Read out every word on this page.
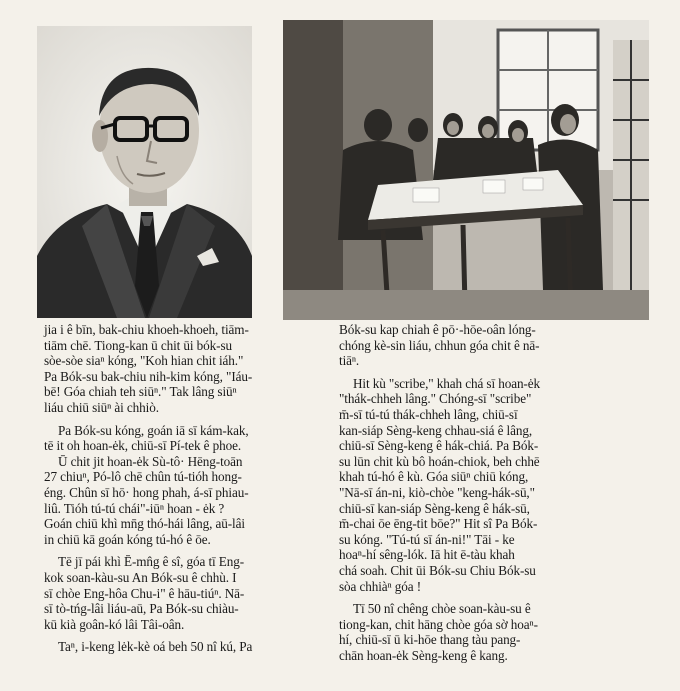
jia i ê bīn, bak-chiu khoeh-khoeh, tiām-
tiām chē. Tiong-kan ū chit ūi bók-su
sòe-sòe siaⁿ kóng, "Koh hian chit iáh."
Pa Bók-su bak-chiu nih-kim kóng, "Iáu-
bē! Góa chiah teh siūⁿ." Tak lâng siūⁿ
liáu chiū siūⁿ ài chhiò.

Pa Bók-su kóng, goán iā sī kám-kak,
tē it oh hoan-ėk, chiū-sī Pí-tek ê phoe.
Ū chit jit hoan-ėk Sù-tô· Hēng-toān
27 chiuⁿ, Pó-lô chē chûn tú-tióh hong-
éng. Chûn sī hō· hong phah, á-sī phiau-
liû. Tióh tú-tú chái"-iūⁿ hoan - ėk ?
Goán chiū khì mn̄g thó-hái lâng, aū-lâi
in chiū kā goán kóng tú-hó ê ōe.

Tē jī pái khì Ē-mn̂g ê sî, góa tī Eng-
kok soan-kàu-su An Bók-su ê chhù. I
sī chòe Eng-hôa Chu-i" ê hāu-tiúⁿ. Nā-
sī tò-tńg-lâi liáu-aū, Pa Bók-su chiàu-
kū kià goân-kó lâi Tâi-oân.

Taⁿ, i-keng lėk-kè oá beh 50 nî kú, Pa

Bók-su kap chiah ê pō·-hōe-oân lóng-
chóng kè-sin liáu, chhun góa chit ê nā-
tiāⁿ.

Hit kù "scribe," khah chá sī hoan-ėk
"thák-chheh lâng." Chóng-sī "scribe"
m̄-sī tú-tú thák-chheh lâng, chiū-sī
kan-siáp Sèng-keng chhau-siá ê lâng,
chiū-sī Sèng-keng ê hák-chiá. Pa Bók-
su lūn chit kù bô hoán-chiok, beh chhē
khah tú-hó ê kù. Góa siūⁿ chiū kóng,
"Nā-sī án-ni, kiò-chòe "keng-hák-sū,"
chiū-sī kan-siáp Sèng-keng ê hák-sū,
m̄-chai ōe ēng-tit bōe?" Hit sî Pa Bók-
su kóng. "Tú-tú sī án-ni!" Tāi - ke
hoaⁿ-hí sêng-lók. Iā hit ē-tàu khah
chá soah. Chit ūi Bók-su Chiu Bók-su
sòa chhiàⁿ góa !

Tī 50 nî chêng chòe soan-kàu-su ê
tiong-kan, chit hāng chòe góa sờ hoaⁿ-
hí, chiū-sī ū ki-hōe thang tàu pang-
chān hoan-ėk Sèng-keng ê kang.
